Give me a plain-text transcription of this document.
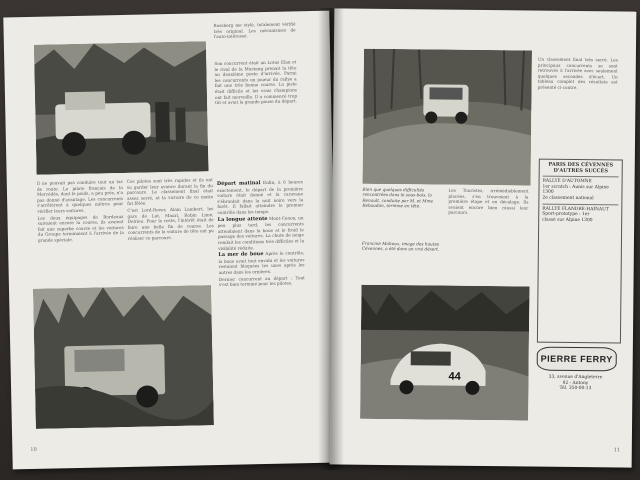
Rossberg me stylé, totalement vérifié très original. Les mécanismes de l'auto-intéressé.

Son concurrent était un Lotus Elan et le rival de la Mustang prenait la tête au deuxième poste d'arrivée. Parmi les concurrents un joueur du rallye a fait une très bonne course. La piste était difficile et les vrais champions ont fait merveille. Il a commencé trop tôt et avait la grande pause du départ.

Il ne pouvait pas conduire tout un tas de route. Le pilote français de la Mercédès, dont le poids, a peu près, n'a pas donné d'avantage. Les concurrents s'arrêtèrent à quelques mètres pour vérifier leurs voitures.

Les deux équipages de Bordeaux suivaient encore la course, ils avaient fait une superbe course et les voitures du Groupe terminaient à l'arrivée de la grande spéciale.

Ces pilotes sont très rapides et ils ont su garder leur avance durant la fin du parcours. Le classement final était assez serré, et la victoire de ce matin fut fêtée.

C'est Lord-Rover, Alain Lambert, les gars de Lot, Mauri, Robin Lime, Delrieu. Pour le reste, l'intérêt était de faire une belle fin de course. Les concurrents de la voiture de tête ont pu réaliser ce parcours.

Départ matinal Enfin, à 6 heures exactement, le départ de la première voiture était donné et la caravane s'ébranlait dans la nuit noire vers la forêt. Il fallait atteindre le premier contrôle dans les temps.

La longue attente Mont-Cenon, un peu plus tard, les concurrents attendaient dans la boue et le froid le passage des voitures. La chute de neige rendait les conditions très difficiles et la visibilité réduite.

La mer de boue Après le contrôle, la boue avait tout envahi et les voitures restaient bloquées les unes après les autres dans les ornières.

Dernier concurrent au départ : Tout s'est bien terminé pour les pilotes.

10

Un classement final très serré. Les principaux concurrents se sont retrouvés à l'arrivée avec seulement quelques secondes d'écart. Un tableau complet des résultats est présenté ci-contre.

Bien que quelques difficultés rencontrées dans le sous-bois, la Renault, conduite par M. et Mme Rebaudon, termine en tête.

Les Touristes, irrémédiablement placées, s'en trouvaient à la première étape et en décalage. Ils avaient encore bien réussi leur parcours.

Francine Mahoux, image des hautes Cévennes, a été dans un vrai désert.
PARIS DES CÉVENNES
D'AUTRES SUCCÈS
RALLYE D'AUTOMNE
1er scratch : Aunis sur Alpine 1300
2e classement national
RALLYE FLANDRE-HAINAUT
Sport-prototype : 1er
classé sur Alpine 1300
44
PIERRE FERRY
33, avenue d'Angleterre
92 - Antony
Tél. 350-00-13
11
